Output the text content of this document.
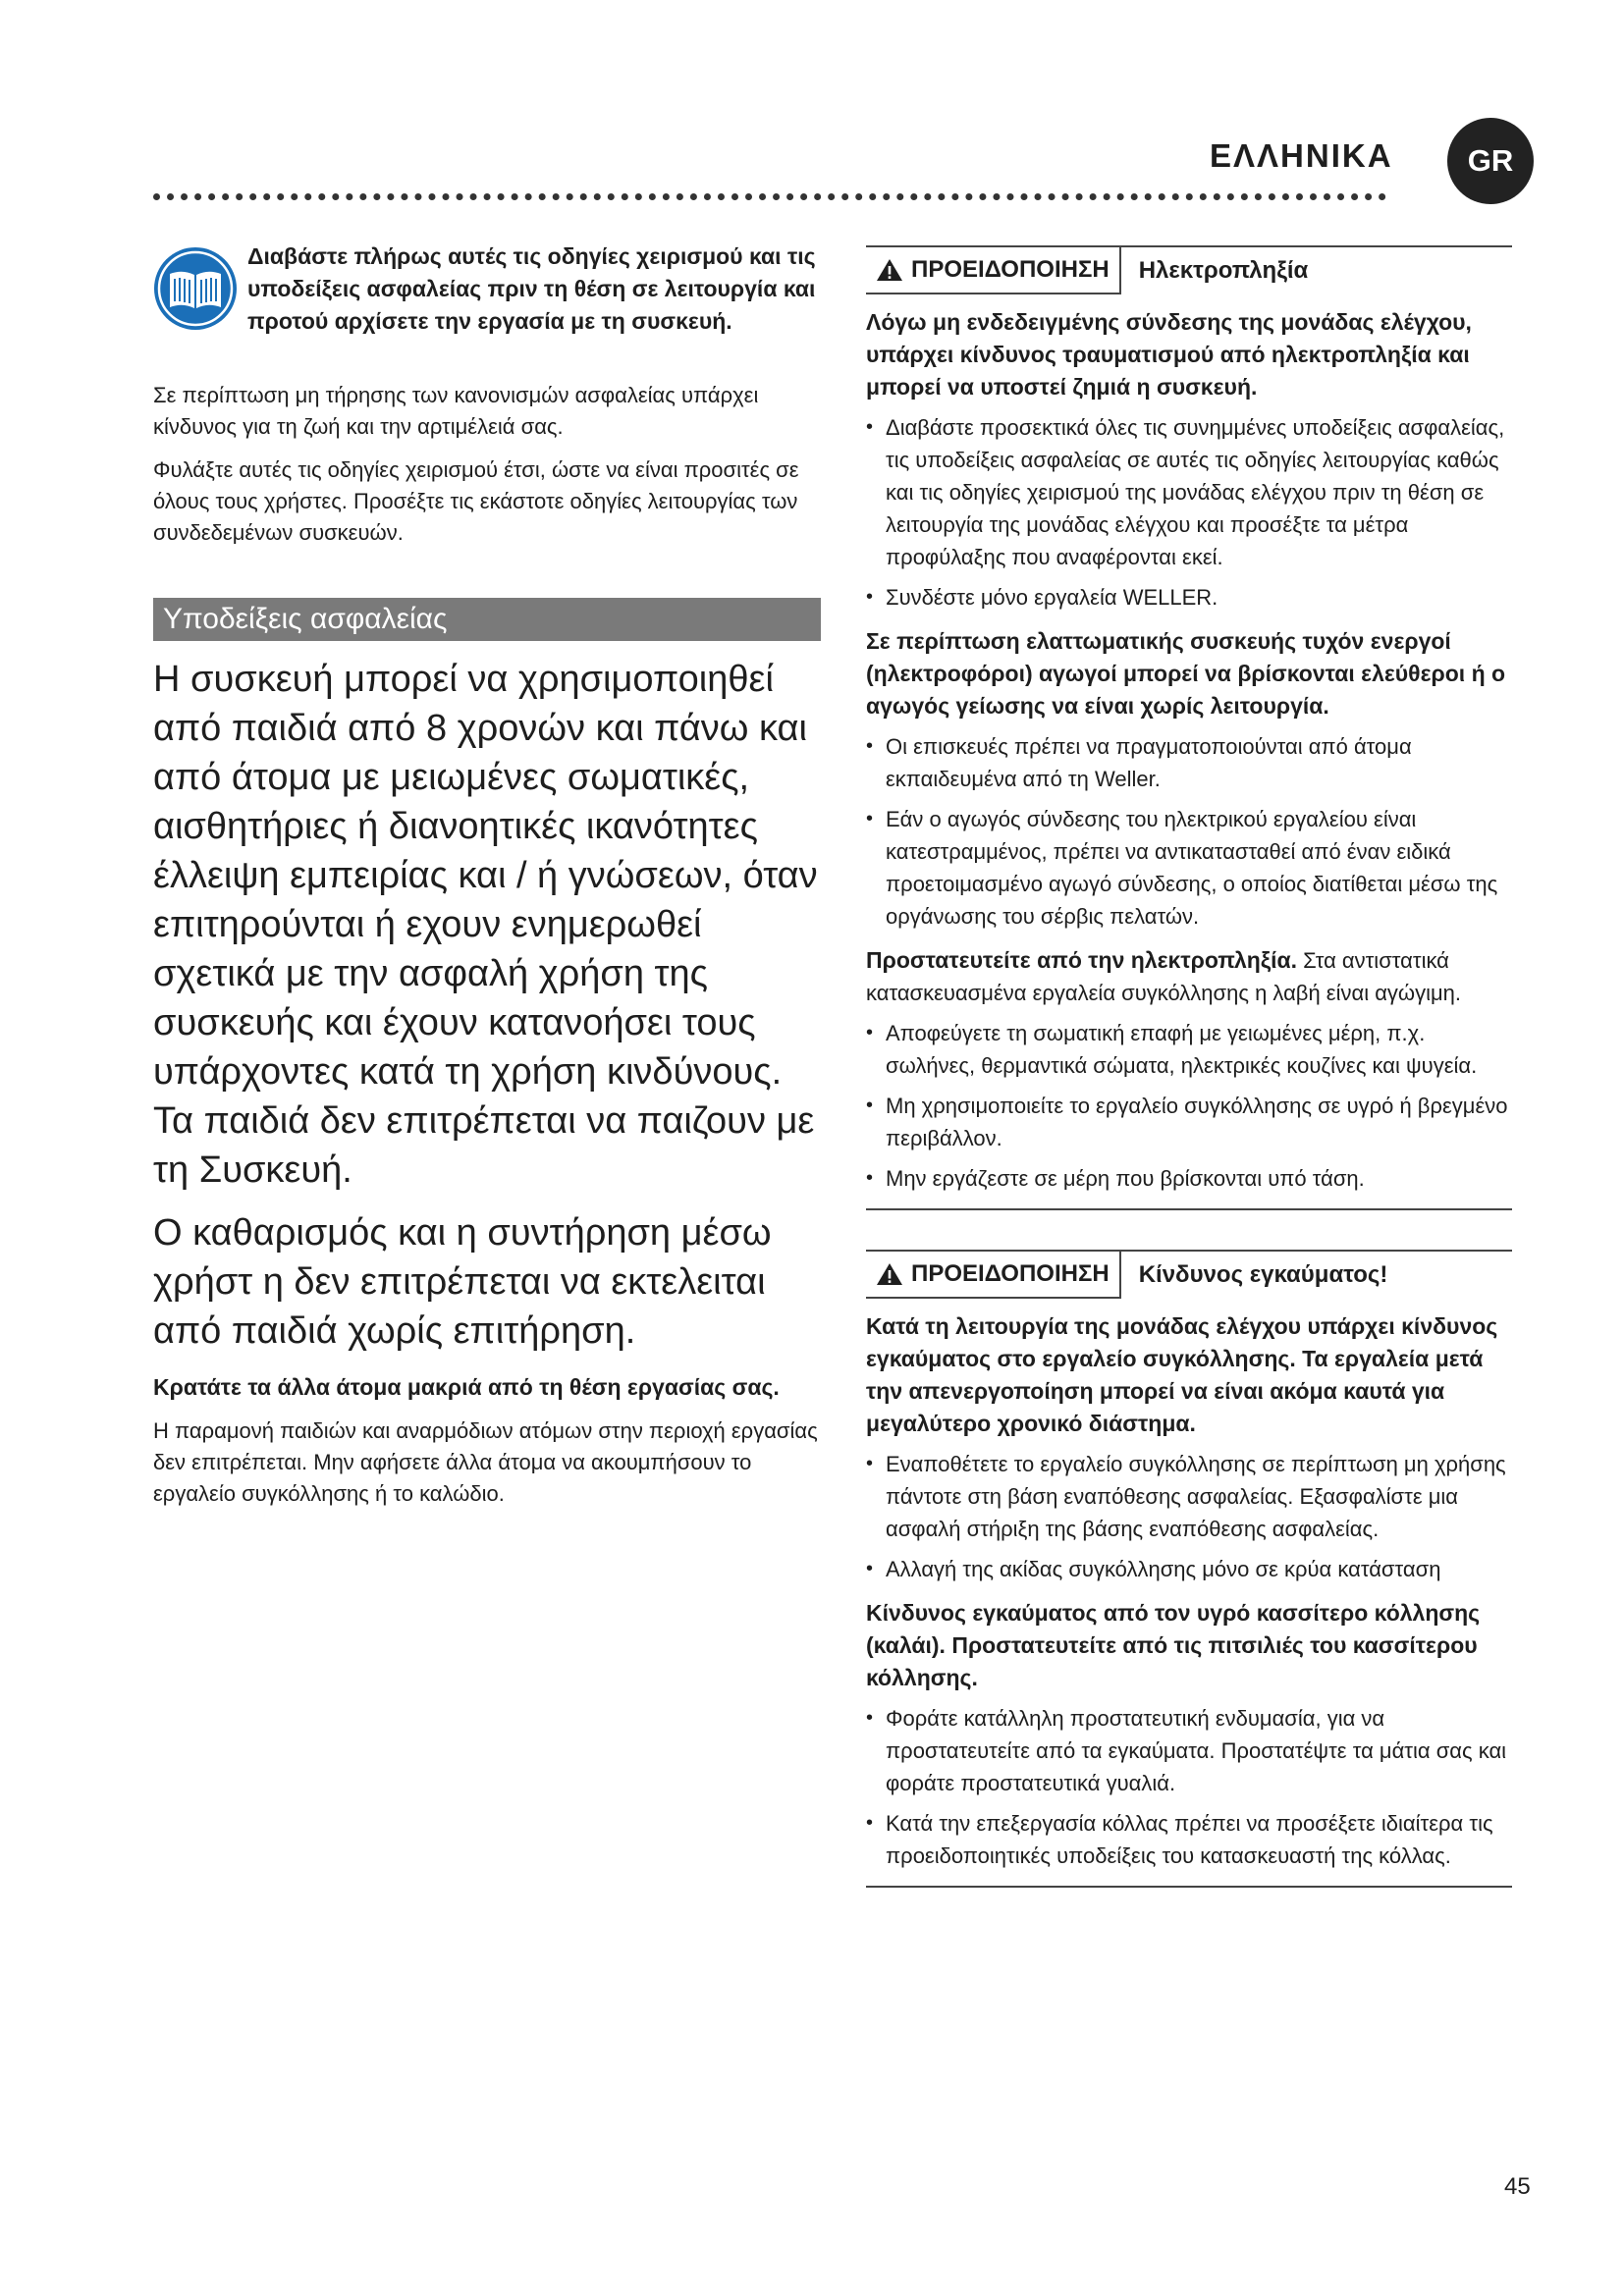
ΕΛΛΗΝΙΚΑ	GR

Διαβάστε πλήρως αυτές τις οδηγίες χειρισμού και τις υποδείξεις ασφαλείας πριν τη θέση σε λειτουργία και προτού αρχίσετε την εργασία με τη συσκευή.

Σε περίπτωση μη τήρησης των κανονισμών ασφαλείας υπάρχει κίνδυνος για τη ζωή και την αρτιμέλειά σας.

Φυλάξτε αυτές τις οδηγίες χειρισμού έτσι, ώστε να είναι προσιτές σε όλους τους χρήστες. Προσέξτε τις εκάστοτε οδηγίες λειτουργίας των συνδεδεμένων συσκευών.

Υποδείξεις ασφαλείας

Η συσκευή μπορεί να χρησιμοποιηθεί από παιδιά από 8 χρονών και πάνω και από άτομα με μειωμένες σωματικές, αισθητήριες ή διανοητικές ικανότητες έλλειψη εμπειρίας και / ή γνώσεων, όταν επιτηρούνται ή εχουν ενημερωθεί σχετικά με την ασφαλή χρήση της συσκευής και έχουν κατανοήσει τους υπάρχοντες κατά τη χρήση κινδύνους. Τα παιδιά δεν επιτρέπεται να παιζουν με τη Συσκευή.

Ο καθαρισμός και η συντήρηση μέσω χρήστ η δεν επιτρέπεται να εκτελειται από παιδιά χωρίς επιτήρηση.

Κρατάτε τα άλλα άτομα μακριά από τη θέση εργασίας σας.

Η παραμονή παιδιών και αναρμόδιων ατόμων στην περιοχή εργασίας δεν επιτρέπεται. Μην αφήσετε άλλα άτομα να ακουμπήσουν το εργαλείο συγκόλλησης ή το καλώδιο.

ΠΡΟΕΙΔΟΠΟΙΗΣΗ	Ηλεκτροπληξία

Λόγω μη ενδεδειγμένης σύνδεσης της μονάδας ελέγχου, υπάρχει κίνδυνος τραυματισμού από ηλεκτροπληξία και μπορεί να υποστεί ζημιά η συσκευή.

• Διαβάστε προσεκτικά όλες τις συνημμένες υποδείξεις ασφαλείας, τις υποδείξεις ασφαλείας σε αυτές τις οδηγίες λειτουργίας καθώς και τις οδηγίες χειρισμού της μονάδας ελέγχου πριν τη θέση σε λειτουργία της μονάδας ελέγχου και προσέξτε τα μέτρα προφύλαξης που αναφέρονται εκεί.
• Συνδέστε μόνο εργαλεία WELLER.

Σε περίπτωση ελαττωματικής συσκευής τυχόν ενεργοί (ηλεκτροφόροι) αγωγοί μπορεί να βρίσκονται ελεύθεροι ή ο αγωγός γείωσης να είναι χωρίς λειτουργία.

• Οι επισκευές πρέπει να πραγματοποιούνται από άτομα εκπαιδευμένα από τη Weller.
• Εάν ο αγωγός σύνδεσης του ηλεκτρικού εργαλείου είναι κατεστραμμένος, πρέπει να αντικατασταθεί από έναν ειδικά προετοιμασμένο αγωγό σύνδεσης, ο οποίος διατίθεται μέσω της οργάνωσης του σέρβις πελατών.

Προστατευτείτε από την ηλεκτροπληξία. Στα αντιστατικά κατασκευασμένα εργαλεία συγκόλλησης η λαβή είναι αγώγιμη.

• Αποφεύγετε τη σωματική επαφή με γειωμένες μέρη, π.χ. σωλήνες, θερμαντικά σώματα, ηλεκτρικές κουζίνες και ψυγεία.
• Μη χρησιμοποιείτε το εργαλείο συγκόλλησης σε υγρό ή βρεγμένο περιβάλλον.
• Μην εργάζεστε σε μέρη που βρίσκονται υπό τάση.
ΠΡΟΕΙΔΟΠΟΙΗΣΗ	Κίνδυνος εγκαύματος!

Κατά τη λειτουργία της μονάδας ελέγχου υπάρχει κίνδυνος εγκαύματος στο εργαλείο συγκόλλησης. Τα εργαλεία μετά την απενεργοποίηση μπορεί να είναι ακόμα καυτά για μεγαλύτερο χρονικό διάστημα.

• Εναποθέτετε το εργαλείο συγκόλλησης σε περίπτωση μη χρήσης πάντοτε στη βάση εναπόθεσης ασφαλείας. Εξασφαλίστε μια ασφαλή στήριξη της βάσης εναπόθεσης ασφαλείας.
• Αλλαγή της ακίδας συγκόλλησης μόνο σε κρύα κατάσταση

Κίνδυνος εγκαύματος από τον υγρό κασσίτερο κόλλησης (καλάι). Προστατευτείτε από τις πιτσιλιές του κασσίτερου κόλλησης.

• Φοράτε κατάλληλη προστατευτική ενδυμασία, για να προστατευτείτε από τα εγκαύματα. Προστατέψτε τα μάτια σας και φοράτε προστατευτικά γυαλιά.
• Κατά την επεξεργασία κόλλας πρέπει να προσέξετε ιδιαίτερα τις προειδοποιητικές υποδείξεις του κατασκευαστή της κόλλας.
45
